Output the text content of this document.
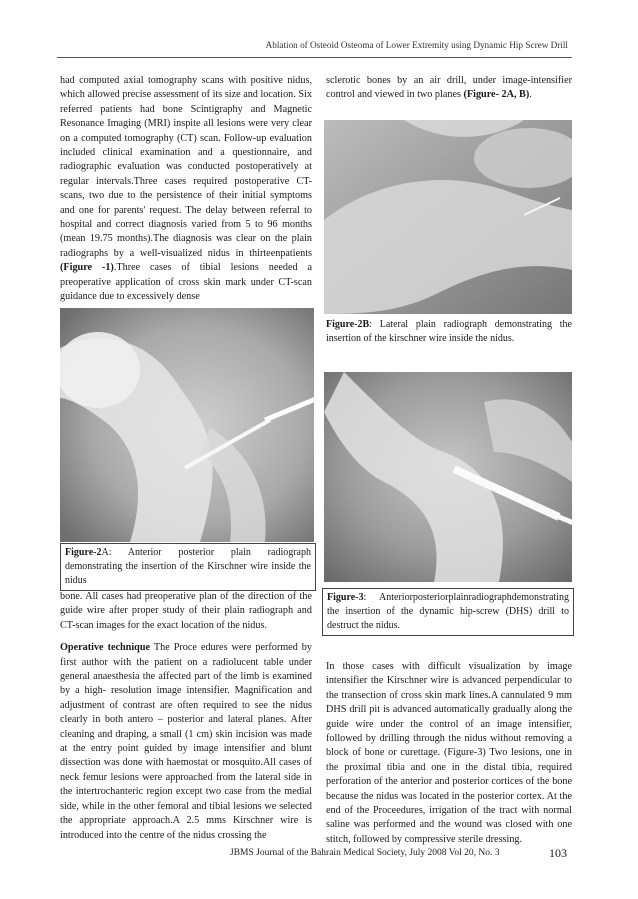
Ablation of Osteoid Osteoma of Lower Extremity using Dynamic Hip Screw Drill

had computed axial tomography scans with positive nidus, which allowed precise assessment of its size and location. Six referred patients had bone Scintigraphy and Magnetic Resonance Imaging (MRI) inspite all lesions were very clear on a computed tomography (CT) scan. Follow-up evaluation included clinical examination and a questionnaire, and radiographic evaluation was conducted postoperatively at regular intervals.Three cases required postoperative CT-scans, two due to the persistence of their initial symptoms and one for parents' request. The delay between referral to hospital and correct diagnosis varied from 5 to 96 months (mean 19.75 months).The diagnosis was clear on the plain radiographs by a well-visualized nidus in thirteenpatients (Figure -1).Three cases of tibial lesions needed a preoperative application of cross skin mark under CT-scan guidance due to excessively dense

Figure-2A: Anterior posterior plain radiograph demonstrating the insertion of the Kirschner wire inside the nidus

bone. All cases had preoperative plan of the direction of the guide wire after proper study of their plain radiograph and CT-scan images for the exact location of the nidus.

Operative technique The Proce edures were performed by first author with the patient on a radiolucent table under general anaesthesia the affected part of the limb is examined by a high- resolution image intensifier. Magnification and adjustment of contrast are often required to see the nidus clearly in both antero – posterior and lateral planes. After cleaning and draping, a small (1 cm) skin incision was made at the entry point guided by image intensifier and blunt dissection was done with haemostat or mosquito.All cases of neck femur lesions were approached from the lateral side in the intertrochanteric region except two case from the medial side, while in the other femoral and tibial lesions we selected the appropriate approach.A 2.5 mms Kirschner wire is introduced into the centre of the nidus crossing the

sclerotic bones by an air drill, under image-intensifier control and viewed in two planes (Figure- 2A, B).

Figure-2B: Lateral plain radiograph demonstrating the insertion of the kirschner wire inside the nidus.
Figure-3: Anteriorposteriorplainradiographdemonstrating the insertion of the dynamic hip-screw (DHS) drill to destruct the nidus.

In those cases with difficult visualization by image intensifier the Kirschner wire is advanced perpendicular to the transection of cross skin mark lines.A cannulated 9 mm DHS drill pit is advanced automatically gradually along the guide wire under the control of an image intensifier, followed by drilling through the nidus without removing a block of bone or curettage. (Figure-3) Two lesions, one in the proximal tibia and one in the distal tibia, required perforation of the anterior and posterior cortices of the bone because the nidus was located in the posterior cortex. At the end of the Proceedures, irrigation of the tract with normal saline was performed and the wound was closed with one stitch, followed by compressive sterile dressing.

JBMS Journal of the Bahrain Medical Society, July 2008 Vol 20, No. 3	103
